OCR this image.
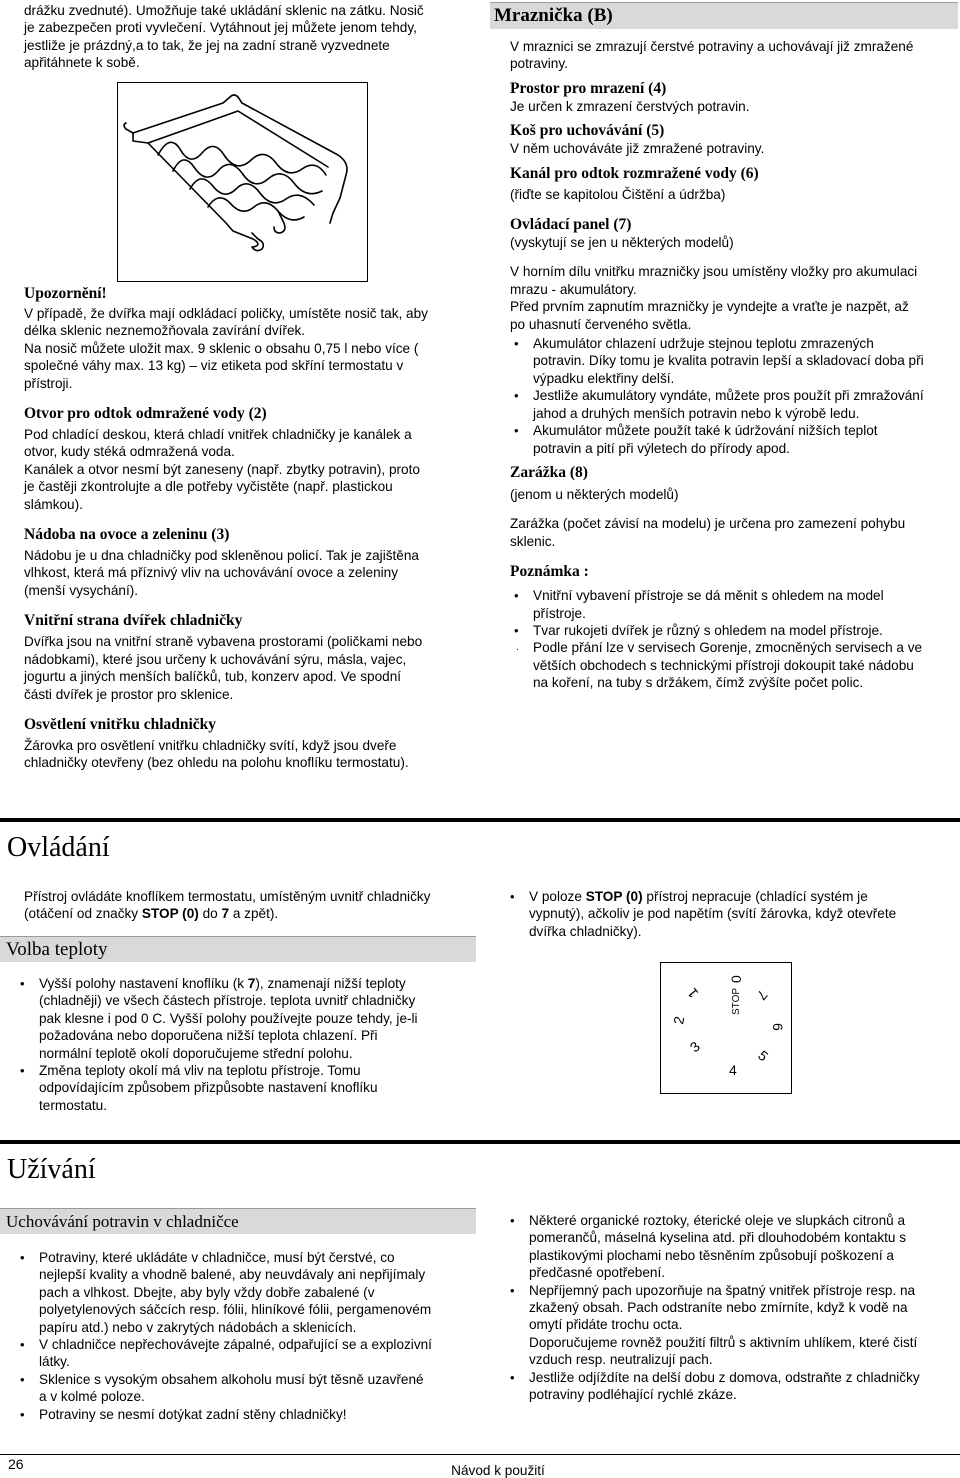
drážku zvednuté). Umožňuje také ukládání sklenic na zátku. Nosič
je zabezpečen proti vyvlečení. Vytáhnout jej můžete jenom tehdy,
jestliže je prázdný,a to tak, že jej na zadní straně vyzvednete
apřitáhnete k sobě.
Upozornění!
V případě, že dvířka mají odkládací poličky, umístěte nosič tak, aby
délka sklenic neznemožňovala zavírání dvířek.
Na nosič můžete uložit max. 9 sklenic o obsahu 0,75 l nebo více (
společné váhy max. 13 kg) – viz etiketa pod skříní termostatu v
přístroji.
Otvor pro odtok odmražené vody (2)
Pod chladící deskou, která chladí vnitřek chladničky je kanálek a
otvor, kudy stéká odmražená voda.
Kanálek a otvor nesmí být zaneseny (např. zbytky potravin), proto
je častěji zkontrolujte a dle potřeby vyčistěte (např. plastickou
slámkou).
Nádoba na ovoce a zeleninu (3)
Nádobu je u dna chladničky pod skleněnou policí. Tak je zajištěna
vlhkost, která má příznivý vliv na uchovávání ovoce a zeleniny
(menší vysychání).
Vnitřní strana dvířek chladničky
Dvířka jsou na vnitřní straně vybavena prostorami (poličkami nebo
nádobkami), které jsou určeny k uchovávání sýru, másla, vajec,
jogurtu a jiných menších balíčků, tub, konzerv apod. Ve spodní
části dvířek je prostor pro sklenice.
Osvětlení vnitřku chladničky
Žárovka pro osvětlení vnitřku chladničky svítí, když jsou dveře
chladničky otevřeny (bez ohledu na polohu knoflíku termostatu).
Mraznička (B)
V mraznici se zmrazují čerstvé potraviny a uchovávají již zmražené
potraviny.
Prostor pro mrazení (4)
Je určen k zmrazení čerstvých potravin.
Koš pro uchovávání (5)
V něm uchováváte již zmražené potraviny.
Kanál pro odtok rozmražené vody (6)
(řiďte se kapitolou Čištění a údržba)
Ovládací panel (7)
(vyskytují se jen u některých modelů)
V horním dílu vnitřku mrazničky jsou umístěny vložky pro akumulaci
mrazu - akumulátory.
Před prvním zapnutím mrazničky je vyndejte a vraťte je nazpět, až
po uhasnutí červeného světla.
• Akumulátor chlazení udržuje stejnou teplotu zmrazených
potravin. Díky tomu je kvalita potravin lepší a skladovací doba při
výpadku elektřiny delší.
• Jestliže akumulátory vyndáte, můžete pros použít při zmražování
jahod a druhých menších potravin nebo k výrobě ledu.
• Akumulátor můžete použít také k údržování nižších teplot
potravin a pití při výletech do přírody apod.
Zarážka (8)
(jenom u některých modelů)
Zarážka (počet závisí na modelu) je určena pro zamezení pohybu
sklenic.
Poznámka :
• Vnitřní vybavení přístroje se dá měnit s ohledem na model
přístroje.
• Tvar rukojeti dvířek je různý s ohledem na model přístroje.
. Podle přání lze v servisech Gorenje, zmocněných servisech a ve
větších obchodech s technickými přístroji dokoupit také nádobu
na koření, na tuby s držákem, čímž zvýšíte počet polic.
Ovládání
Přístroj ovládáte knoflíkem termostatu, umístěným uvnitř chladničky
(otáčení od značky STOP (0) do 7 a zpět).
Volba teploty
• Vyšší polohy nastavení knoflíku (k 7), znamenají nižší teploty
(chladněji) ve všech částech přístroje. teplota uvnitř chladničky
pak klesne i pod 0 C. Vyšší polohy používejte pouze tehdy, je-li
požadována nebo doporučena nižší teplota chlazení. Při
normální teplotě okolí doporučujeme střední polohu.
• Změna teploty okolí má vliv na teplotu přístroje. Tomu
odpovídajícím způsobem přizpůsobte nastavení knoflíku
termostatu.
• V poloze STOP (0) přístroj nepracuje (chladící systém je
vypnutý), ačkoliv je pod napětím (svítí žárovka, když otevřete
dvířka chladničky).
STOP
0
1
2
3
4
5
6
7
Užívání
Uchovávání potravin v chladničce
• Potraviny, které ukládáte v chladničce, musí být čerstvé, co
nejlepší kvality a vhodně balené, aby neuvdávaly ani nepřijímaly
pach a vlhkost. Dbejte, aby byly vždy dobře zabalené (v
polyetylenových sáčcích resp. fólii, hliníkové fólii, pergamenovém
papíru atd.) nebo v zakrytých nádobách a sklenicích.
• V chladničce nepřechovávejte zápalné, odpařující se a explozivní
látky.
• Sklenice s vysokým obsahem alkoholu musí být těsně uzavřené
a v kolmé poloze.
• Potraviny se nesmí dotýkat zadní stěny chladničky!
• Některé organické roztoky, éterické oleje ve slupkách citronů a
pomerančů, máselná kyselina atd. při dlouhodobém kontaktu s
plastikovými plochami nebo těsněním způsobují poškození a
předčasné opotřebení.
• Nepříjemný pach upozorňuje na špatný vnitřek přístroje resp. na
zkažený obsah. Pach odstraníte nebo zmírníte, když k vodě na
omytí přidáte trochu octa.
Doporučujeme rovněž použití filtrů s aktivním uhlíkem, které čistí
vzduch resp. neutralizují pach.
• Jestliže odjíždíte na delší dobu z domova, odstraňte z chladničky
potraviny podléhající rychlé zkáze.
26	Návod k použití
